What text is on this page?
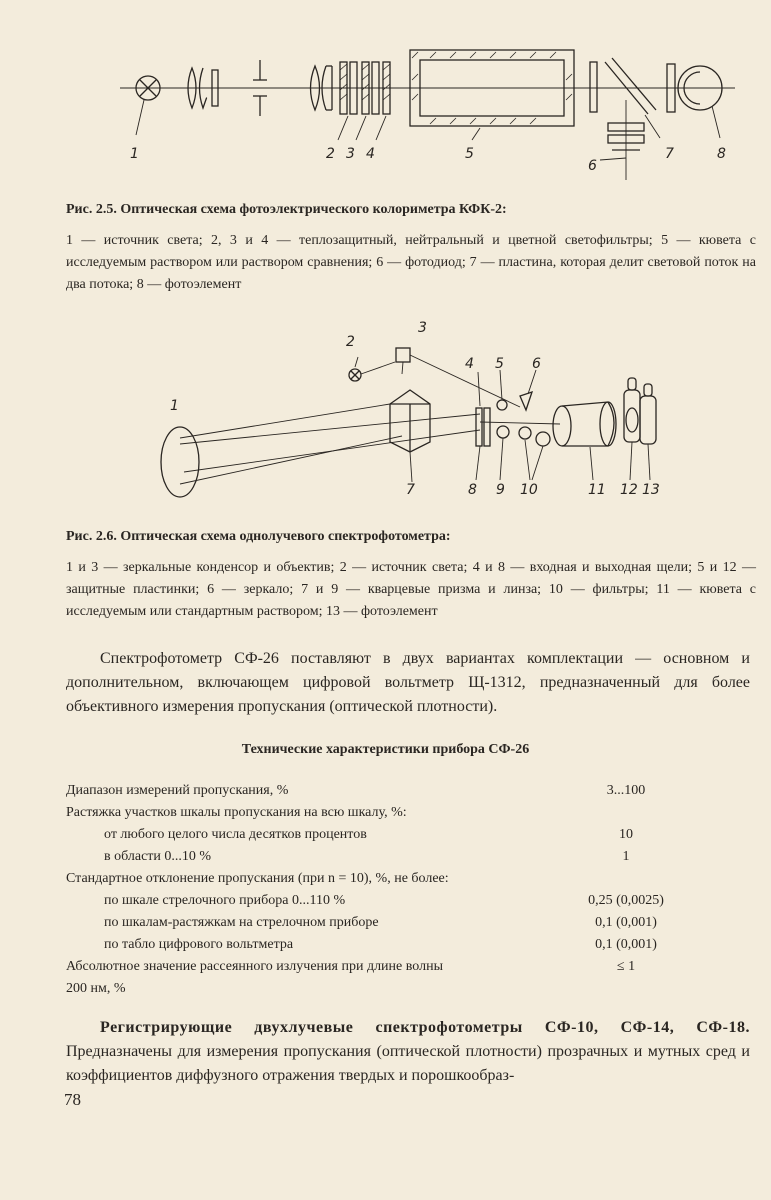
1	2 3 4	5
6
7	8
Рис. 2.5. Оптическая схема фотоэлектрического колориметра КФК-2:
1 — источник света; 2, 3 и 4 — теплозащитный, нейтральный и цветной светофильтры; 5 — кювета с исследуемым раствором или раствором сравнения; 6 — фотодиод; 7 — пластина, которая делит световой поток на два потока; 8 — фотоэлемент
1
2
3
4 5 6
7	8 9 10	11 12 13
Рис. 2.6. Оптическая схема однолучевого спектрофотометра:
1 и 3 — зеркальные конденсор и объектив; 2 — источник света; 4 и 8 — входная и выходная щели; 5 и 12 — защитные пластинки; 6 — зеркало; 7 и 9 — кварцевые призма и линза; 10 — фильтры; 11 — кювета с исследуемым или стандартным раствором; 13 — фотоэлемент
Спектрофотометр СФ-26 поставляют в двух вариантах комплектации — основном и дополнительном, включающем цифровой вольтметр Щ-1312, предназначенный для более объективного измерения пропускания (оптической плотности).
Технические характеристики прибора СФ-26
Диапазон измерений пропускания, %	3...100
Растяжка участков шкалы пропускания на всю шкалу, %:
от любого целого числа десятков процентов	10
в области 0...10 %	1
Стандартное отклонение пропускания (при n = 10), %, не более:
по шкале стрелочного прибора 0...110 %	0,25 (0,0025)
по шкалам-растяжкам на стрелочном приборе	0,1 (0,001)
по табло цифрового вольтметра	0,1 (0,001)
Абсолютное значение рассеянного излучения при длине волны	≤ 1
200 нм, %
Регистрирующие двухлучевые спектрофотометры СФ-10, СФ-14, СФ-18. Предназначены для измерения пропускания (оптической плотности) прозрачных и мутных сред и коэффициентов диффузного отражения твердых и порошкообраз-
78
